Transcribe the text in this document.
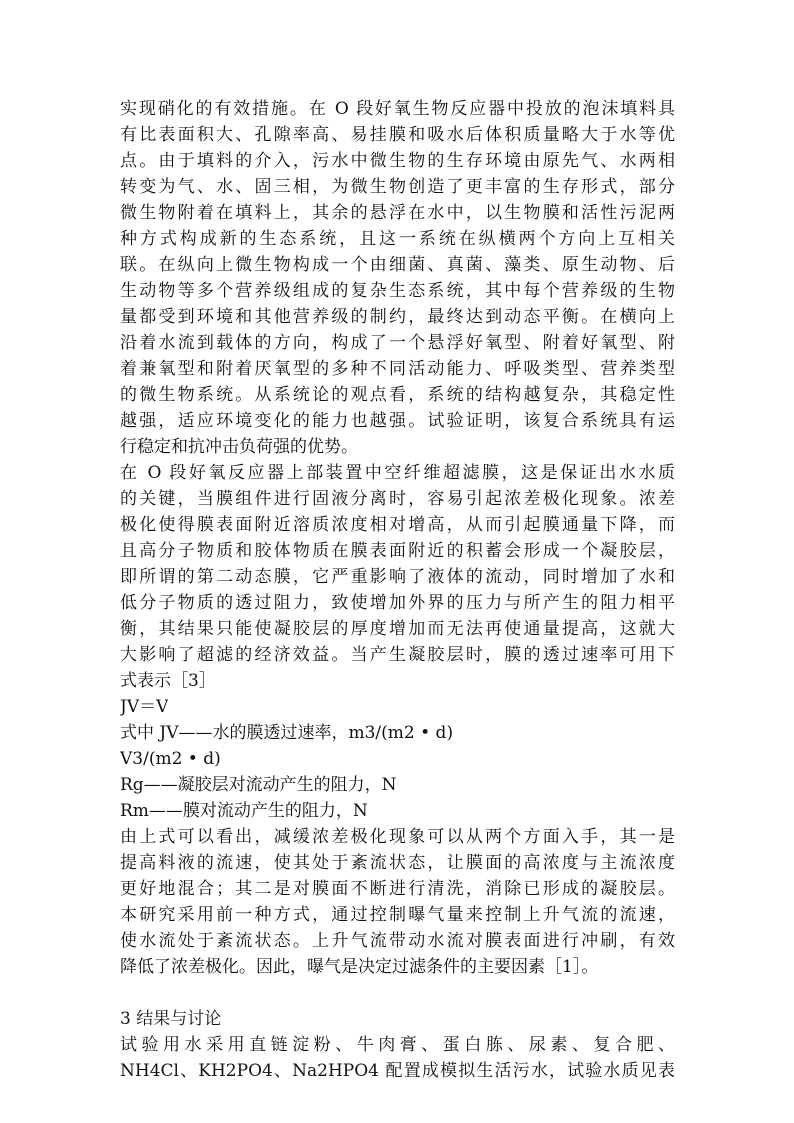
实现硝化的有效措施。在 O 段好氧生物反应器中投放的泡沫填料具
有比表面积大、孔隙率高、易挂膜和吸水后体积质量略大于水等优
点。由于填料的介入，污水中微生物的生存环境由原先气、水两相
转变为气、水、固三相，为微生物创造了更丰富的生存形式，部分
微生物附着在填料上，其余的悬浮在水中，以生物膜和活性污泥两
种方式构成新的生态系统，且这一系统在纵横两个方向上互相关
联。在纵向上微生物构成一个由细菌、真菌、藻类、原生动物、后
生动物等多个营养级组成的复杂生态系统，其中每个营养级的生物
量都受到环境和其他营养级的制约，最终达到动态平衡。在横向上
沿着水流到载体的方向，构成了一个悬浮好氧型、附着好氧型、附
着兼氧型和附着厌氧型的多种不同活动能力、呼吸类型、营养类型
的微生物系统。从系统论的观点看，系统的结构越复杂，其稳定性
越强，适应环境变化的能力也越强。试验证明，该复合系统具有运
行稳定和抗冲击负荷强的优势。
在 O 段好氧反应器上部装置中空纤维超滤膜，这是保证出水水质
的关键，当膜组件进行固液分离时，容易引起浓差极化现象。浓差
极化使得膜表面附近溶质浓度相对增高，从而引起膜通量下降，而
且高分子物质和胶体物质在膜表面附近的积蓄会形成一个凝胶层，
即所谓的第二动态膜，它严重影响了液体的流动，同时增加了水和
低分子物质的透过阻力，致使增加外界的压力与所产生的阻力相平
衡，其结果只能使凝胶层的厚度增加而无法再使通量提高，这就大
大影响了超滤的经济效益。当产生凝胶层时，膜的透过速率可用下
式表示［3］
JV＝V
式中 JV——水的膜透过速率，m3/(m2 • d)
V3/(m2 • d)
Rg——凝胶层对流动产生的阻力，N
Rm——膜对流动产生的阻力，N
由上式可以看出，减缓浓差极化现象可以从两个方面入手，其一是
提高料液的流速，使其处于紊流状态，让膜面的高浓度与主流浓度
更好地混合；其二是对膜面不断进行清洗，消除已形成的凝胶层。
本研究采用前一种方式，通过控制曝气量来控制上升气流的流速，
使水流处于紊流状态。上升气流带动水流对膜表面进行冲刷，有效
降低了浓差极化。因此，曝气是决定过滤条件的主要因素［1］。
3 结果与讨论
试验用水采用直链淀粉、牛肉膏、蛋白胨、尿素、复合肥、
NH4Cl、KH2PO4、Na2HPO4 配置成模拟生活污水，试验水质见表
